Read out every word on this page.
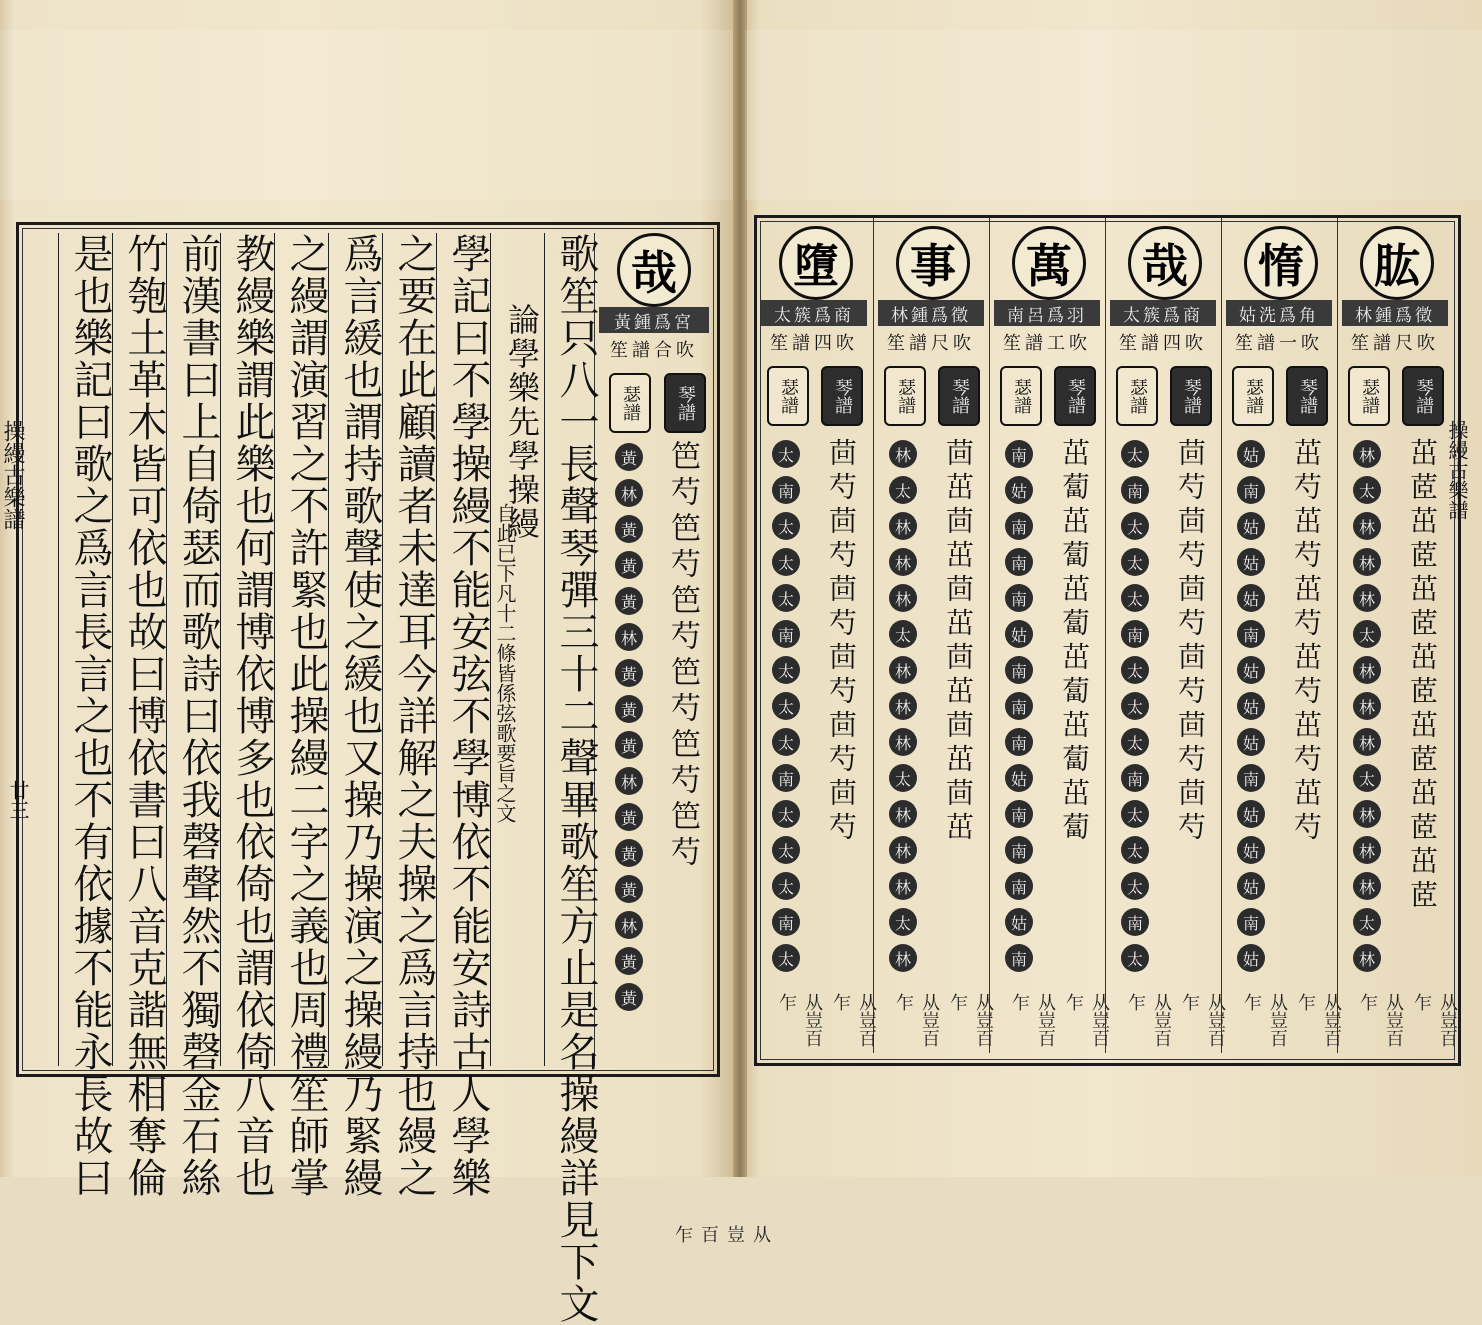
哉
黃鍾爲宮
笙譜合吹
琴譜
瑟譜
笆芍笆芍笆芍笆芍笆芍笆芍
黃
林
黃
黃
黃
林
黃
黃
黃
林
黃
黃
黃
林
黃
黃
从豈百乍
歌笙只八一長聲琴彈三十二聲畢歌笙方止是名操縵詳見下文
論學樂先學操縵
自此已下凡十二條皆係弦歌要旨之文
學記曰不學操縵不能安弦不學博依不能安詩古人學樂
之要在此顧讀者未達耳今詳解之夫操之爲言持也縵之
爲言緩也謂持歌聲使之緩也又操乃操演之操縵乃緊縵
之縵謂演習之不許緊也此操縵二字之義也周禮笙師掌
教縵樂謂此樂也何謂博依博多也依倚也謂依倚八音也
前漢書曰上自倚瑟而歌詩曰依我磬聲然不獨磬金石絲
竹匏土革木皆可依也故曰博依書曰八音克諧無相奪倫
是也樂記曰歌之爲言長言之也不有依據不能永長故曰
操縵古樂譜
廿三
肱
林鍾爲徵
笙譜尺吹
琴譜
瑟譜
茁茝茁茝茁茝茁茝茁茝茁茝茁茝
林
太
林
林
林
太
林
林
林
太
林
林
林
太
林
从豈百乍
从豈百乍
惰
姑洗爲角
笙譜一吹
琴譜
瑟譜
茁芍茁芍茁芍茁芍茁芍茁芍
姑
南
姑
姑
姑
南
姑
姑
姑
南
姑
姑
姑
南
姑
从豈百乍
从豈百乍
哉
太簇爲商
笙譜四吹
琴譜
瑟譜
茴芍茴芍茴芍茴芍茴芍茴芍
太
南
太
太
太
南
太
太
太
南
太
太
太
南
太
从豈百乍
从豈百乍
萬
南呂爲羽
笙譜工吹
琴譜
瑟譜
茁蔔茁蔔茁蔔茁蔔茁蔔茁蔔
南
姑
南
南
南
姑
南
南
南
姑
南
南
南
姑
南
从豈百乍
从豈百乍
事
林鍾爲徵
笙譜尺吹
琴譜
瑟譜
茴茁茴茁茴茁茴茁茴茁茴茁
林
太
林
林
林
太
林
林
林
太
林
林
林
太
林
从豈百乍
从豈百乍
墮
太簇爲商
笙譜四吹
琴譜
瑟譜
茴芍茴芍茴芍茴芍茴芍茴芍
太
南
太
太
太
南
太
太
太
南
太
太
太
南
太
从豈百乍
从豈百乍
操縵古樂譜
